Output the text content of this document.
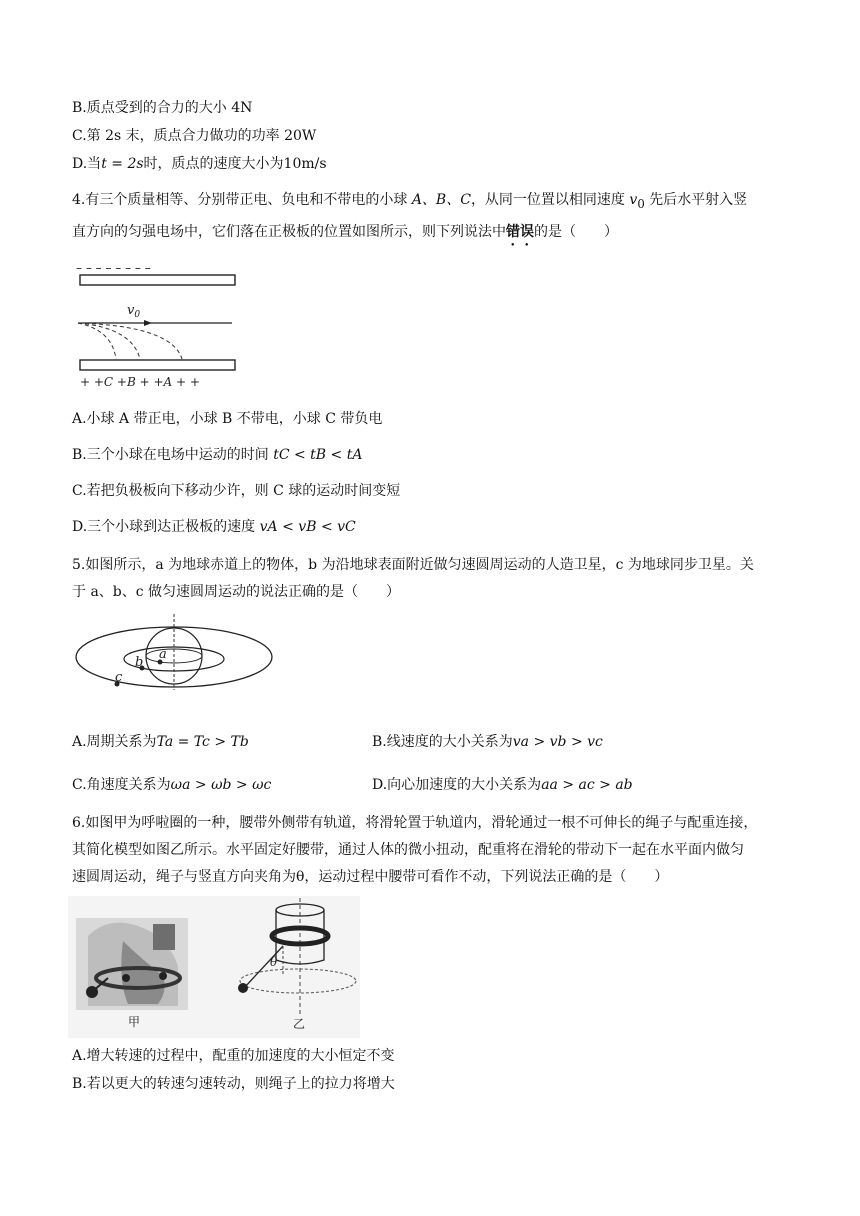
B.质点受到的合力的大小 4N
C.第 2s 末，质点合力做功的功率 20W
D.当t = 2s时，质点的速度大小为10m/s
4.有三个质量相等、分别带正电、负电和不带电的小球 A、B、C，从同一位置以相同速度 $v_0$ 先后水平射入竖
直方向的匀强电场中，它们落在正极板的位置如图所示，则下列说法中错误的是（　　）
– – – – – – – –
$v_0$
+ +C +B + +A + +
A.小球 A 带正电，小球 B 不带电，小球 C 带负电
B.三个小球在电场中运动的时间 tC < tB < tA
C.若把负极板向下移动少许，则 C 球的运动时间变短
D.三个小球到达正极板的速度 vA < vB < vC
5.如图所示，a 为地球赤道上的物体，b 为沿地球表面附近做匀速圆周运动的人造卫星，c 为地球同步卫星。关
于 a、b、c 做匀速圆周运动的说法正确的是（　　）
a
b
c
A.周期关系为Ta = Tc > Tb	B.线速度的大小关系为va > vb > vc
C.角速度关系为ωa > ωb > ωc	D.向心加速度的大小关系为aa > ac > ab
6.如图甲为呼啦圈的一种，腰带外侧带有轨道，将滑轮置于轨道内，滑轮通过一根不可伸长的绳子与配重连接，
其简化模型如图乙所示。水平固定好腰带，通过人体的微小扭动，配重将在滑轮的带动下一起在水平面内做匀
速圆周运动，绳子与竖直方向夹角为θ，运动过程中腰带可看作不动，下列说法正确的是（　　）
甲
θ
乙
A.增大转速的过程中，配重的加速度的大小恒定不变
B.若以更大的转速匀速转动，则绳子上的拉力将增大
